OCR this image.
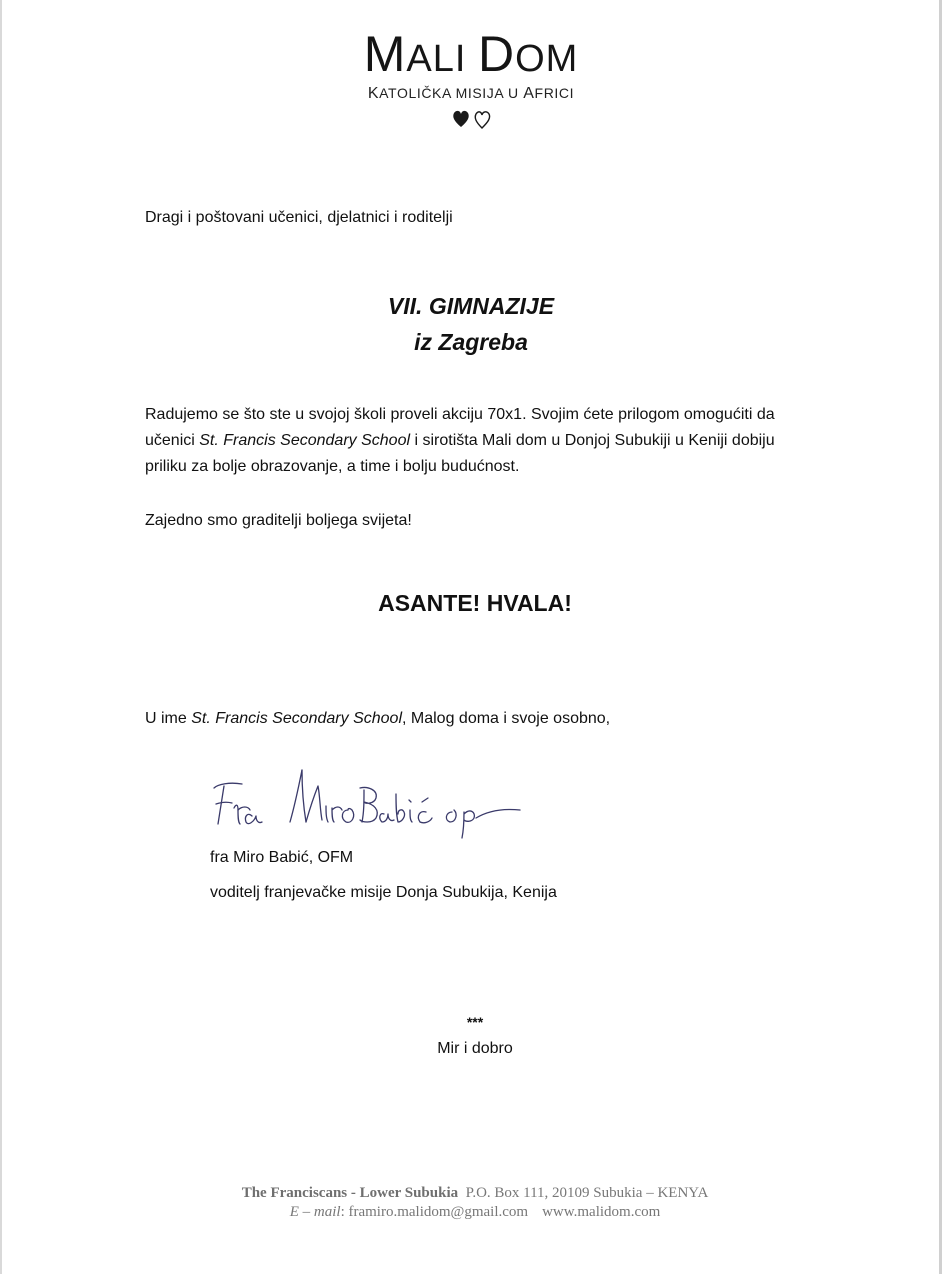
MALI DOM
KATOLIČKA MISIJA U AFRICI
Dragi i poštovani učenici, djelatnici i roditelji
VII. GIMNAZIJE
iz Zagreba
Radujemo se što ste u svojoj školi proveli akciju 70x1. Svojim ćete prilogom omogućiti da učenici St. Francis Secondary School i sirotišta Mali dom u Donjoj Subukiji u Keniji dobiju priliku za bolje obrazovanje, a time i bolju budućnost.
Zajedno smo graditelji boljega svijeta!
ASANTE! HVALA!
U ime St. Francis Secondary School, Malog doma i svoje osobno,
fra Miro Babić, OFM
voditelj franjevačke misije Donja Subukija, Kenija
***
Mir i dobro
The Franciscans - Lower Subukia P.O. Box 111, 20109 Subukia – KENYA
E – mail: framiro.malidom@gmail.com www.malidom.com
